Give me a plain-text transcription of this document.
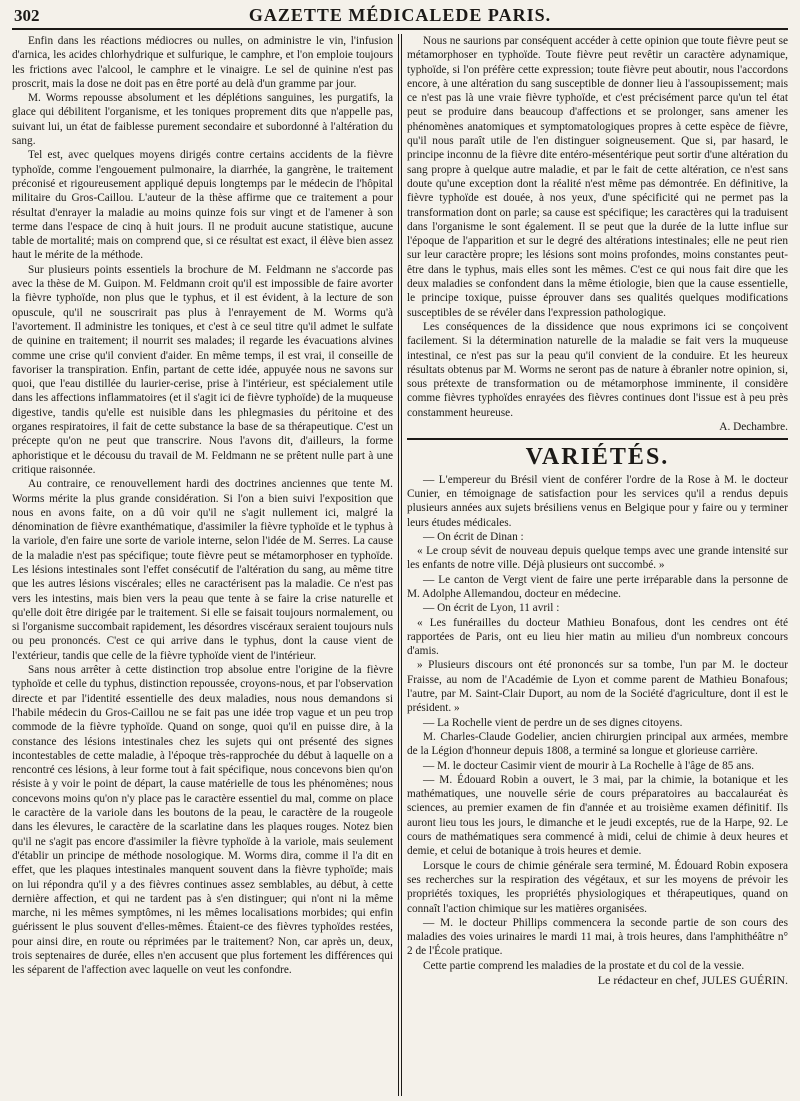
302	GAZETTE MÉDICALEDE PARIS.

Enfin dans les réactions médiocres ou nulles, on administre le vin, l'infusion d'arnica, les acides chlorhydrique et sulfurique, le camphre, et l'on emploie toujours les frictions avec l'alcool, le camphre et le vinaigre. Le sel de quinine n'est pas proscrit, mais la dose ne doit pas en être porté au delà d'un gramme par jour.

M. Worms repousse absolument et les déplétions sanguines, les purgatifs, la glace qui débilitent l'organisme, et les toniques proprement dits que n'appelle pas, suivant lui, un état de faiblesse purement secondaire et subordonné à l'altération du sang.

Tel est, avec quelques moyens dirigés contre certains accidents de la fièvre typhoïde, comme l'engouement pulmonaire, la diarrhée, la gangrène, le traitement préconisé et rigoureusement appliqué depuis longtemps par le médecin de l'hôpital militaire du Gros-Caillou. L'auteur de la thèse affirme que ce traitement a pour résultat d'enrayer la maladie au moins quinze fois sur vingt et de l'amener à son terme dans l'espace de cinq à huit jours. Il ne produit aucune statistique, aucune table de mortalité; mais on comprend que, si ce résultat est exact, il élève bien assez haut le mérite de la méthode.

Sur plusieurs points essentiels la brochure de M. Feldmann ne s'accorde pas avec la thèse de M. Guipon. M. Feldmann croit qu'il est impossible de faire avorter la fièvre typhoïde, non plus que le typhus, et il est évident, à la lecture de son opuscule, qu'il ne souscrirait pas plus à l'enrayement de M. Worms qu'à l'avortement. Il administre les toniques, et c'est à ce seul titre qu'il admet le sulfate de quinine en traitement; il nourrit ses malades; il regarde les évacuations alvines comme une crise qu'il convient d'aider. En même temps, il est vrai, il conseille de favoriser la transpiration. Enfin, partant de cette idée, appuyée nous ne savons sur quoi, que l'eau distillée du laurier-cerise, prise à l'intérieur, est spécialement utile dans les affections inflammatoires (et il s'agit ici de fièvre typhoïde) de la muqueuse digestive, tandis qu'elle est nuisible dans les phlegmasies du péritoine et des organes respiratoires, il fait de cette substance la base de sa thérapeutique. C'est un précepte qu'on ne peut que transcrire. Nous l'avons dit, d'ailleurs, la forme aphoristique et le décousu du travail de M. Feldmann ne se prêtent nulle part à une critique raisonnée.

Au contraire, ce renouvellement hardi des doctrines anciennes que tente M. Worms mérite la plus grande considération. Si l'on a bien suivi l'exposition que nous en avons faite, on a dû voir qu'il ne s'agit nullement ici, malgré la dénomination de fièvre exanthématique, d'assimiler la fièvre typhoïde et le typhus à la variole, d'en faire une sorte de variole interne, selon l'idée de M. Serres. La cause de la maladie n'est pas spécifique; toute fièvre peut se métamorphoser en typhoïde. Les lésions intestinales sont l'effet consécutif de l'altération du sang, au même titre que les autres lésions viscérales; elles ne caractérisent pas la maladie. Ce n'est pas vers les intestins, mais bien vers la peau que tente à se faire la crise naturelle et qu'elle doit être dirigée par le traitement. Si elle se faisait toujours normalement, ou si l'organisme succombait rapidement, les désordres viscéraux seraient toujours nuls ou peu prononcés. C'est ce qui arrive dans le typhus, dont la cause vient de l'extérieur, tandis que celle de la fièvre typhoïde vient de l'intérieur.

Sans nous arrêter à cette distinction trop absolue entre l'origine de la fièvre typhoïde et celle du typhus, distinction repoussée, croyons-nous, et par l'observation directe et par l'identité essentielle des deux maladies, nous nous demandons si l'habile médecin du Gros-Caillou ne se fait pas une idée trop vague et un peu trop commode de la fièvre typhoïde. Quand on songe, quoi qu'il en puisse dire, à la constance des lésions intestinales chez les sujets qui ont présenté des signes incontestables de cette maladie, à l'époque très-rapprochée du début à laquelle on a rencontré ces lésions, à leur forme tout à fait spécifique, nous concevons bien qu'on résiste à y voir le point de départ, la cause matérielle de tous les phénomènes; nous concevons moins qu'on n'y place pas le caractère essentiel du mal, comme on place le caractère de la variole dans les boutons de la peau, le caractère de la rougeole dans les élevures, le caractère de la scarlatine dans les plaques rouges. Notez bien qu'il ne s'agit pas encore d'assimiler la fièvre typhoïde à la variole, mais seulement d'établir un principe de méthode nosologique. M. Worms dira, comme il l'a dit en effet, que les plaques intestinales manquent souvent dans la fièvre typhoïde; mais on lui répondra qu'il y a des fièvres continues assez semblables, au début, à cette dernière affection, et qui ne tardent pas à s'en distinguer; qui n'ont ni la même marche, ni les mêmes symptômes, ni les mêmes localisations morbides; qui enfin guérissent le plus souvent d'elles-mêmes. Étaient-ce des fièvres typhoïdes restées, pour ainsi dire, en route ou réprimées par le traitement? Non, car après un, deux, trois septenaires de durée, elles n'en accusent que plus fortement les différences qui les séparent de l'affection avec laquelle on veut les confondre.

Nous ne saurions par conséquent accéder à cette opinion que toute fièvre peut se métamorphoser en typhoïde. Toute fièvre peut revêtir un caractère adynamique, typhoïde, si l'on préfère cette expression; toute fièvre peut aboutir, nous l'accordons encore, à une altération du sang susceptible de donner lieu à l'assoupissement; mais ce n'est pas là une vraie fièvre typhoïde, et c'est précisément parce qu'un tel état peut se produire dans beaucoup d'affections et se prolonger, sans amener les phénomènes anatomiques et symptomatologiques propres à cette espèce de fièvre, qu'il nous paraît utile de l'en distinguer soigneusement. Que si, par hasard, le principe inconnu de la fièvre dite entéro-mésentérique peut sortir d'une altération du sang propre à quelque autre maladie, et par le fait de cette altération, ce n'est sans doute qu'une exception dont la réalité n'est même pas démontrée. En définitive, la fièvre typhoïde est douée, à nos yeux, d'une spécificité qui ne permet pas la transformation dont on parle; sa cause est spécifique; les caractères qui la traduisent dans l'organisme le sont également. Il se peut que la durée de la lutte influe sur l'époque de l'apparition et sur le degré des altérations intestinales; elle ne peut rien sur leur caractère propre; les lésions sont moins profondes, moins constantes peut-être dans le typhus, mais elles sont les mêmes. C'est ce qui nous fait dire que les deux maladies se confondent dans la même étiologie, bien que la cause essentielle, le principe toxique, puisse éprouver dans ses qualités quelques modifications susceptibles de se révéler dans l'expression pathologique.

Les conséquences de la dissidence que nous exprimons ici se conçoivent facilement. Si la détermination naturelle de la maladie se fait vers la muqueuse intestinal, ce n'est pas sur la peau qu'il convient de la conduire. Et les heureux résultats obtenus par M. Worms ne seront pas de nature à ébranler notre opinion, si, sous prétexte de transformation ou de métamorphose imminente, il considère comme fièvres typhoïdes enrayées des fièvres continues dont l'issue est à peu près constamment heureuse.

A. Dechambre.

VARIÉTÉS.

— L'empereur du Brésil vient de conférer l'ordre de la Rose à M. le docteur Cunier, en témoignage de satisfaction pour les services qu'il a rendus depuis plusieurs années aux sujets brésiliens venus en Belgique pour y faire ou y terminer leurs études médicales.

— On écrit de Dinan :

« Le croup sévit de nouveau depuis quelque temps avec une grande intensité sur les enfants de notre ville. Déjà plusieurs ont succombé. »

— Le canton de Vergt vient de faire une perte irréparable dans la personne de M. Adolphe Allemandou, docteur en médecine.

— On écrit de Lyon, 11 avril :

« Les funérailles du docteur Mathieu Bonafous, dont les cendres ont été rapportées de Paris, ont eu lieu hier matin au milieu d'un nombreux concours d'amis.

» Plusieurs discours ont été prononcés sur sa tombe, l'un par M. le docteur Fraisse, au nom de l'Académie de Lyon et comme parent de Mathieu Bonafous; l'autre, par M. Saint-Clair Duport, au nom de la Société d'agriculture, dont il est le président. »

— La Rochelle vient de perdre un de ses dignes citoyens.

M. Charles-Claude Godelier, ancien chirurgien principal aux armées, membre de la Légion d'honneur depuis 1808, a terminé sa longue et glorieuse carrière.

— M. le docteur Casimir vient de mourir à La Rochelle à l'âge de 85 ans.

— M. Édouard Robin a ouvert, le 3 mai, par la chimie, la botanique et les mathématiques, une nouvelle série de cours préparatoires au baccalauréat ès sciences, au premier examen de fin d'année et au troisième examen définitif. Ils auront lieu tous les jours, le dimanche et le jeudi exceptés, rue de la Harpe, 92. Le cours de mathématiques sera commencé à midi, celui de chimie à deux heures et demie, et celui de botanique à trois heures et demie.

Lorsque le cours de chimie générale sera terminé, M. Édouard Robin exposera ses recherches sur la respiration des végétaux, et sur les moyens de prévoir les propriétés toxiques, les propriétés physiologiques et thérapeutiques, quand on connaît l'action chimique sur les matières organisées.

— M. le docteur Phillips commencera la seconde partie de son cours des maladies des voies urinaires le mardi 11 mai, à trois heures, dans l'amphithéâtre n° 2 de l'École pratique.

Cette partie comprend les maladies de la prostate et du col de la vessie.

Le rédacteur en chef, JULES GUÉRIN.
